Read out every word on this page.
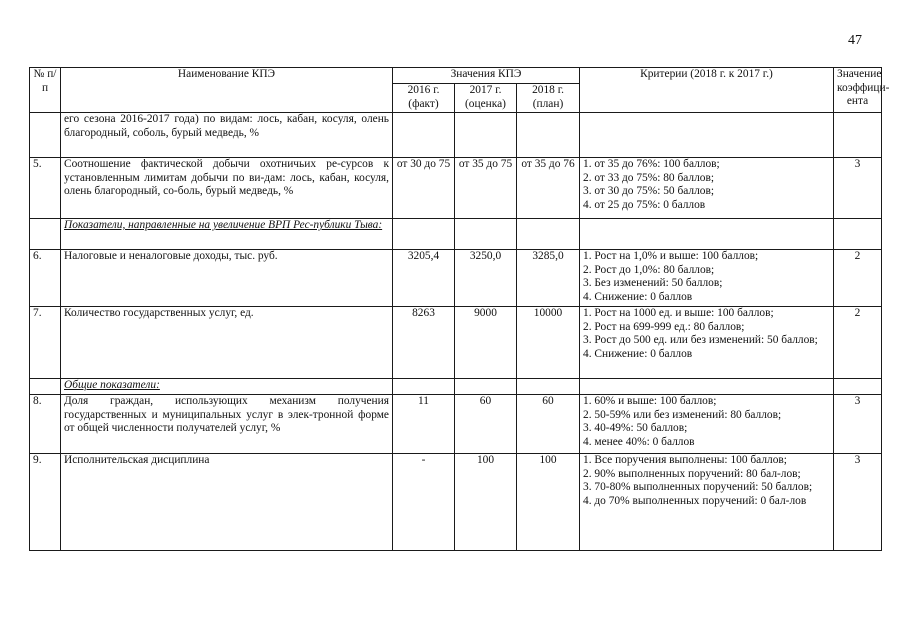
47
№ п/п	Наименование КПЭ	Значения КПЭ			Критерии (2018 г. к 2017 г.)	Значение коэффици-ента
		2016 г. (факт)	2017 г. (оценка)	2018 г. (план)		
	его сезона 2016-2017 года) по видам: лось, кабан, косуля, олень благородный, соболь, бурый медведь, %					
5.	Соотношение фактической добычи охотничьих ре-сурсов к установленным лимитам добычи по ви-дам: лось, кабан, косуля, олень благородный, со-боль, бурый медведь, %	от 30 до 75	от 35 до 75	от 35 до 76	1. от 35 до 76%: 100 баллов;
2. от 33 до 75%: 80 баллов;
3. от 30 до 75%: 50 баллов;
4. от 25 до 75%: 0 баллов	3
	Показатели, направленные на увеличение ВРП Рес-публики Тыва:					
6.	Налоговые и неналоговые доходы, тыс. руб.	3205,4	3250,0	3285,0	1. Рост на 1,0% и выше: 100 баллов;
2. Рост до 1,0%: 80 баллов;
3. Без изменений: 50 баллов;
4. Снижение: 0 баллов	2
7.	Количество государственных услуг, ед.	8263	9000	10000	1. Рост на 1000 ед. и выше: 100 баллов;
2. Рост на 699-999 ед.: 80 баллов;
3. Рост до 500 ед. или без изменений: 50 баллов;
4. Снижение: 0 баллов	2
	Общие показатели:					
8.	Доля граждан, использующих механизм получения государственных и муниципальных услуг в элек-тронной форме от общей численности получателей услуг, %	11	60	60	1. 60% и выше: 100 баллов;
2. 50-59% или без изменений: 80 баллов;
3. 40-49%: 50 баллов;
4. менее 40%: 0 баллов	3
9.	Исполнительская дисциплина	-	100	100	1. Все поручения выполнены: 100 баллов;
2. 90% выполненных поручений: 80 бал-лов;
3. 70-80% выполненных поручений: 50 баллов;
4. до 70% выполненных поручений: 0 бал-лов	3
